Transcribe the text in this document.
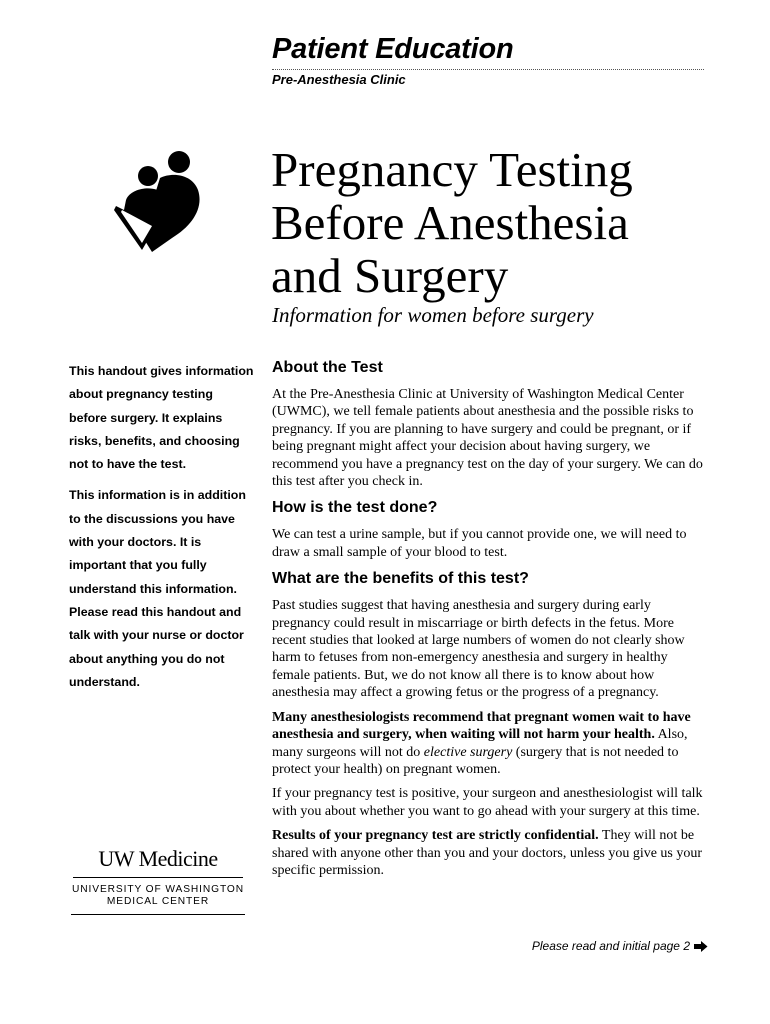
Patient Education
Pre-Anesthesia Clinic
Pregnancy Testing
Before Anesthesia
and Surgery
Information for women before surgery

This handout gives information about pregnancy testing before surgery. It explains risks, benefits, and choosing not to have the test.

This information is in addition to the discussions you have with your doctors. It is important that you fully understand this information. Please read this handout and talk with your nurse or doctor about anything you do not understand.

About the Test

At the Pre-Anesthesia Clinic at University of Washington Medical Center (UWMC), we tell female patients about anesthesia and the possible risks to pregnancy. If you are planning to have surgery and could be pregnant, or if being pregnant might affect your decision about having surgery, we recommend you have a pregnancy test on the day of your surgery. We can do this test after you check in.

How is the test done?

We can test a urine sample, but if you cannot provide one, we will need to draw a small sample of your blood to test.

What are the benefits of this test?

Past studies suggest that having anesthesia and surgery during early pregnancy could result in miscarriage or birth defects in the fetus. More recent studies that looked at large numbers of women do not clearly show harm to fetuses from non-emergency anesthesia and surgery in healthy female patients. But, we do not know all there is to know about how anesthesia may affect a growing fetus or the progress of a pregnancy.

Many anesthesiologists recommend that pregnant women wait to have anesthesia and surgery, when waiting will not harm your health. Also, many surgeons will not do elective surgery (surgery that is not needed to protect your health) on pregnant women.

If your pregnancy test is positive, your surgeon and anesthesiologist will talk with you about whether you want to go ahead with your surgery at this time.

Results of your pregnancy test are strictly confidential. They will not be shared with anyone other than you and your doctors, unless you give us your specific permission.

UW Medicine
UNIVERSITY OF WASHINGTON
MEDICAL CENTER
Please read and initial page 2
